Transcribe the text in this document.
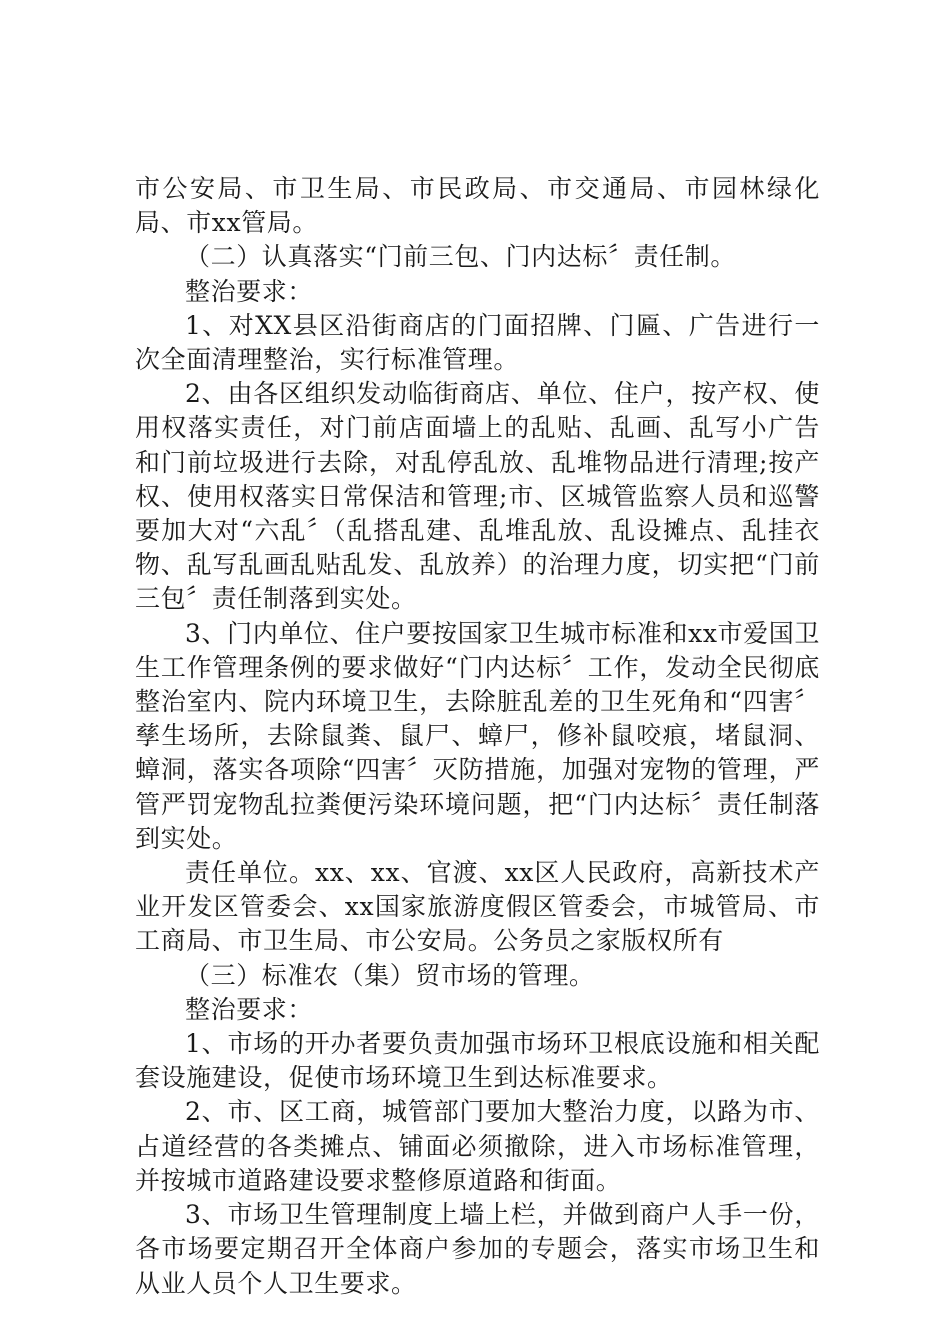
市公安局、市卫生局、市民政局、市交通局、市园林绿化局、市xx管局。

（二）认真落实“门前三包、门内达标〞责任制。

整治要求：

1、对XX县区沿街商店的门面招牌、门匾、广告进行一次全面清理整治，实行标准管理。

2、由各区组织发动临街商店、单位、住户，按产权、使用权落实责任，对门前店面墙上的乱贴、乱画、乱写小广告和门前垃圾进行去除，对乱停乱放、乱堆物品进行清理;按产权、使用权落实日常保洁和管理;市、区城管监察人员和巡警要加大对“六乱〞（乱搭乱建、乱堆乱放、乱设摊点、乱挂衣物、乱写乱画乱贴乱发、乱放养）的治理力度，切实把“门前三包〞责任制落到实处。

3、门内单位、住户要按国家卫生城市标准和xx市爱国卫生工作管理条例的要求做好“门内达标〞工作，发动全民彻底整治室内、院内环境卫生，去除脏乱差的卫生死角和“四害〞孳生场所，去除鼠粪、鼠尸、蟑尸，修补鼠咬痕，堵鼠洞、蟑洞，落实各项除“四害〞灭防措施，加强对宠物的管理，严管严罚宠物乱拉粪便污染环境问题，把“门内达标〞责任制落到实处。

责任单位。xx、xx、官渡、xx区人民政府，高新技术产业开发区管委会、xx国家旅游度假区管委会，市城管局、市工商局、市卫生局、市公安局。公务员之家版权所有

（三）标准农（集）贸市场的管理。

整治要求：

1、市场的开办者要负责加强市场环卫根底设施和相关配套设施建设，促使市场环境卫生到达标准要求。

2、市、区工商，城管部门要加大整治力度，以路为市、占道经营的各类摊点、铺面必须撤除，进入市场标准管理，并按城市道路建设要求整修原道路和街面。

3、市场卫生管理制度上墙上栏，并做到商户人手一份，各市场要定期召开全体商户参加的专题会，落实市场卫生和从业人员个人卫生要求。
